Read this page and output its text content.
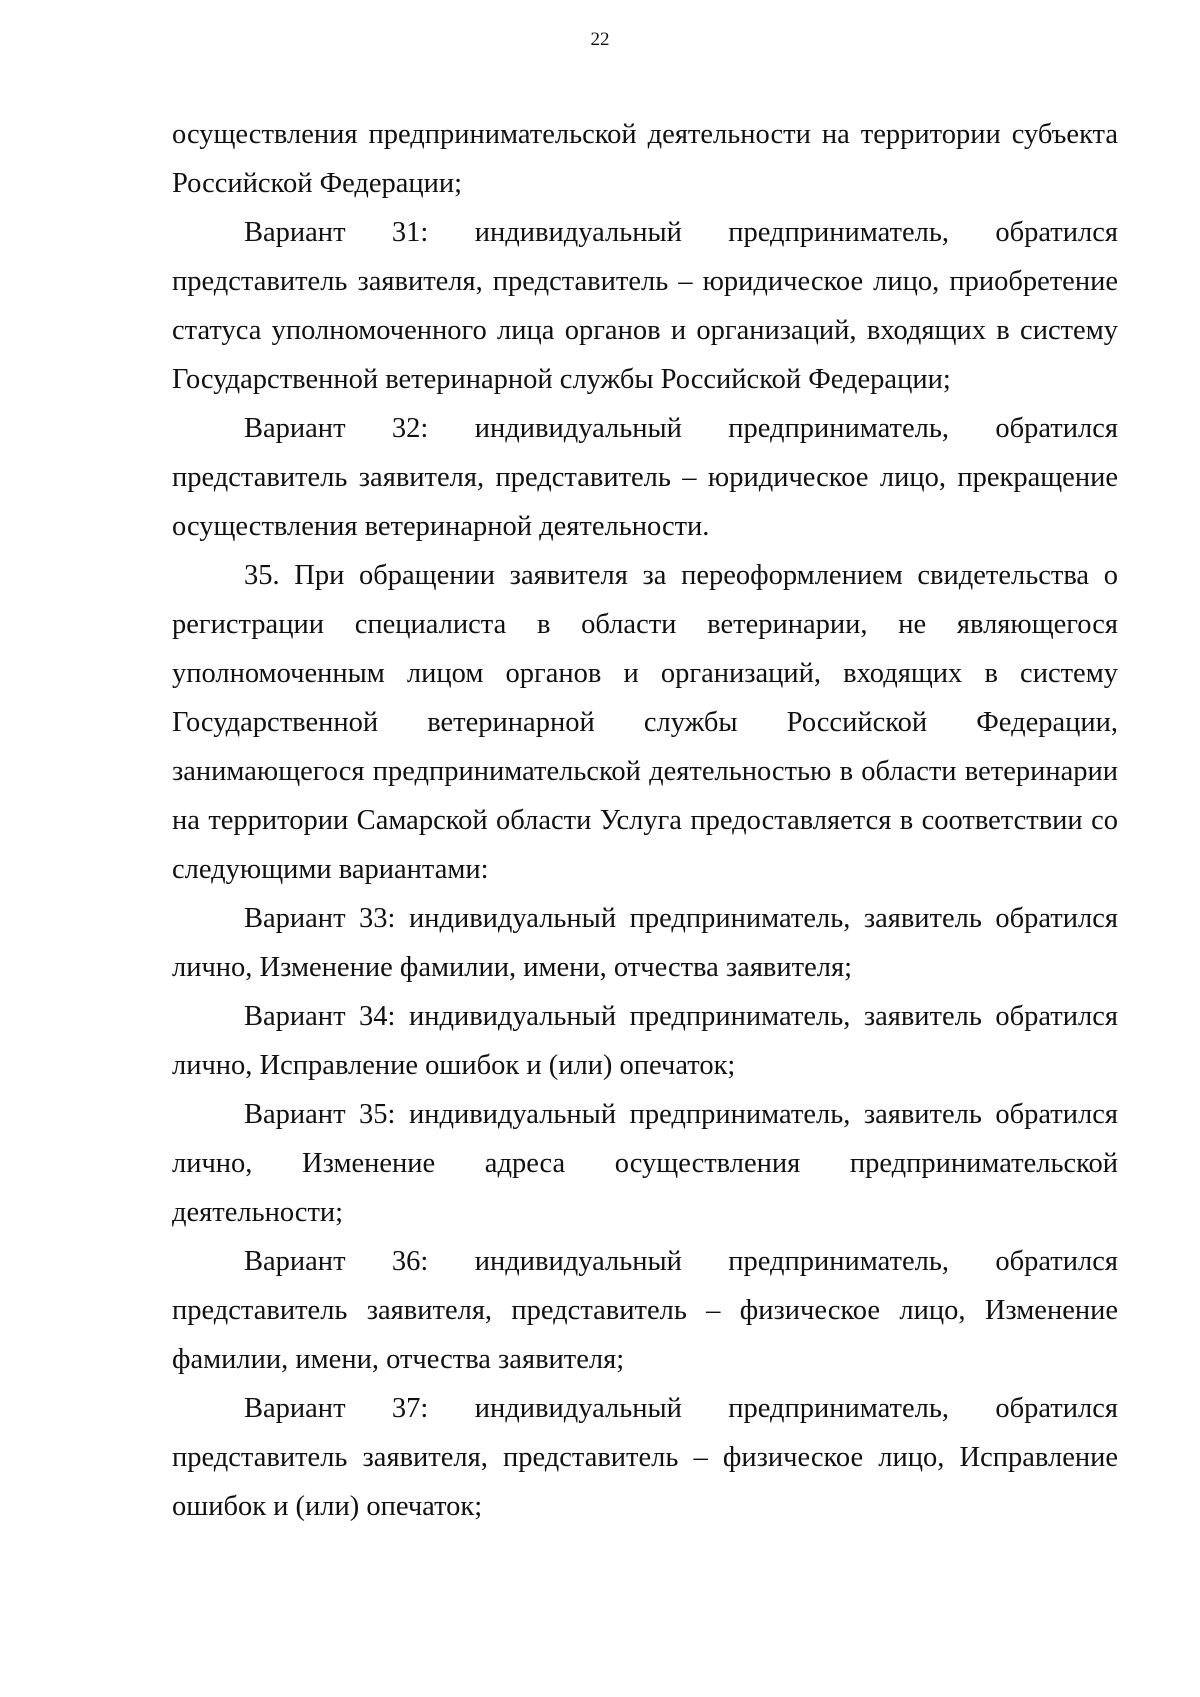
22

осуществления предпринимательской деятельности на территории субъекта Российской Федерации;

Вариант 31: индивидуальный предприниматель, обратился представитель заявителя, представитель – юридическое лицо, приобретение статуса уполномоченного лица органов и организаций, входящих в систему Государственной ветеринарной службы Российской Федерации;

Вариант 32: индивидуальный предприниматель, обратился представитель заявителя, представитель – юридическое лицо, прекращение осуществления ветеринарной деятельности.

35. При обращении заявителя за переоформлением свидетельства о регистрации специалиста в области ветеринарии, не являющегося уполномоченным лицом органов и организаций, входящих в систему Государственной ветеринарной службы Российской Федерации, занимающегося предпринимательской деятельностью в области ветеринарии на территории Самарской области Услуга предоставляется в соответствии со следующими вариантами:

Вариант 33: индивидуальный предприниматель, заявитель обратился лично, Изменение фамилии, имени, отчества заявителя;

Вариант 34: индивидуальный предприниматель, заявитель обратился лично, Исправление ошибок и (или) опечаток;

Вариант 35: индивидуальный предприниматель, заявитель обратился лично, Изменение адреса осуществления предпринимательской деятельности;

Вариант 36: индивидуальный предприниматель, обратился представитель заявителя, представитель – физическое лицо, Изменение фамилии, имени, отчества заявителя;

Вариант 37: индивидуальный предприниматель, обратился представитель заявителя, представитель – физическое лицо, Исправление ошибок и (или) опечаток;
